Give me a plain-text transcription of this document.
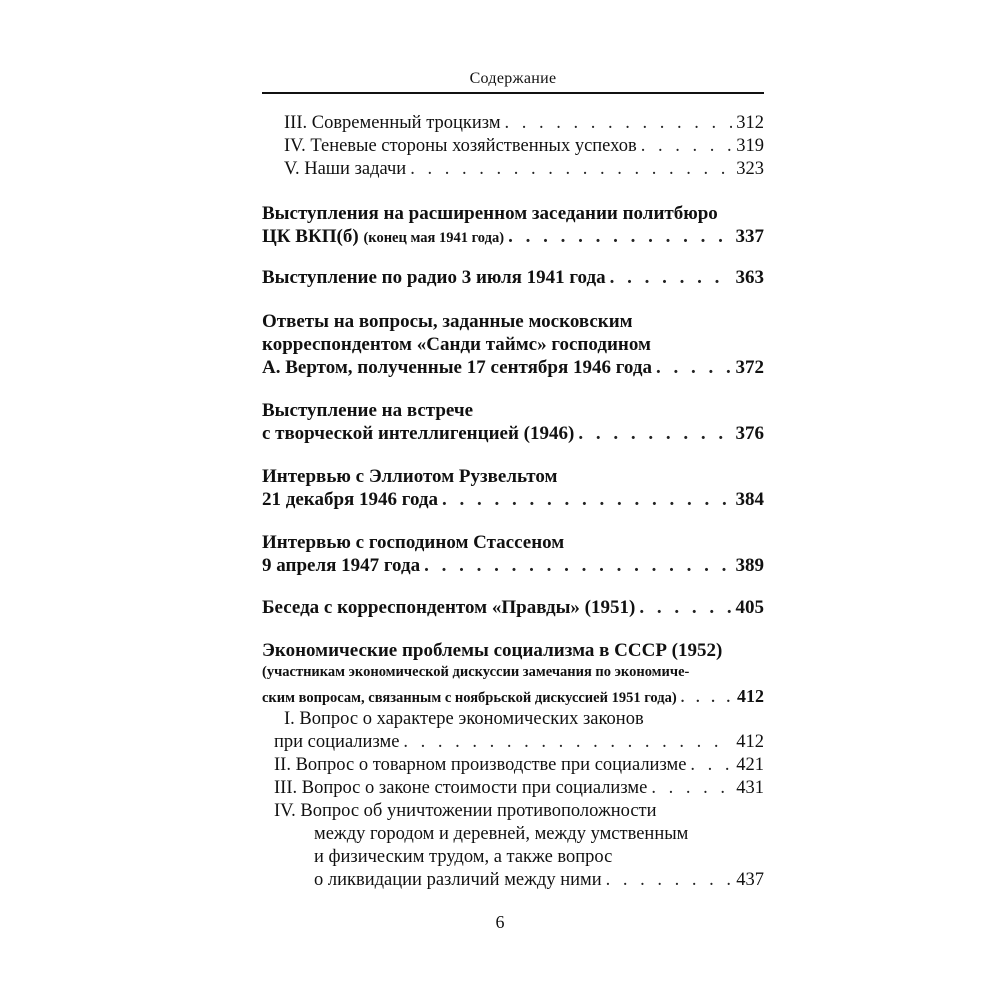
Содержание
III. Современный троцкизм . . .	312
IV. Теневые стороны хозяйственных успехов . . .	319
V. Наши задачи . . .	323
Выступления на расширенном заседании политбюро
ЦК ВКП(б) (конец мая 1941 года) . . .	337
Выступление по радио 3 июля 1941 года . . .	363
Ответы на вопросы, заданные московским
корреспондентом «Санди таймс» господином
А. Вертом, полученные 17 сентября 1946 года . . .	372
Выступление на встрече
с творческой интеллигенцией (1946) . . .	376
Интервью с Эллиотом Рузвельтом
21 декабря 1946 года . . .	384
Интервью с господином Стассеном
9 апреля 1947 года . . .	389
Беседа с корреспондентом «Правды» (1951) . . .	405
Экономические проблемы социализма в СССР (1952)
(участникам экономической дискуссии замечания по экономиче-
ским вопросам, связанным с ноябрьской дискуссией 1951 года) . . .	412
I. Вопрос о характере экономических законов
при социализме . . .	412
II. Вопрос о товарном производстве при социализме . . .	421
III. Вопрос о законе стоимости при социализме . . .	431
IV. Вопрос об уничтожении противоположности
между городом и деревней, между умственным
и физическим трудом, а также вопрос
о ликвидации различий между ними . . .	437
6
